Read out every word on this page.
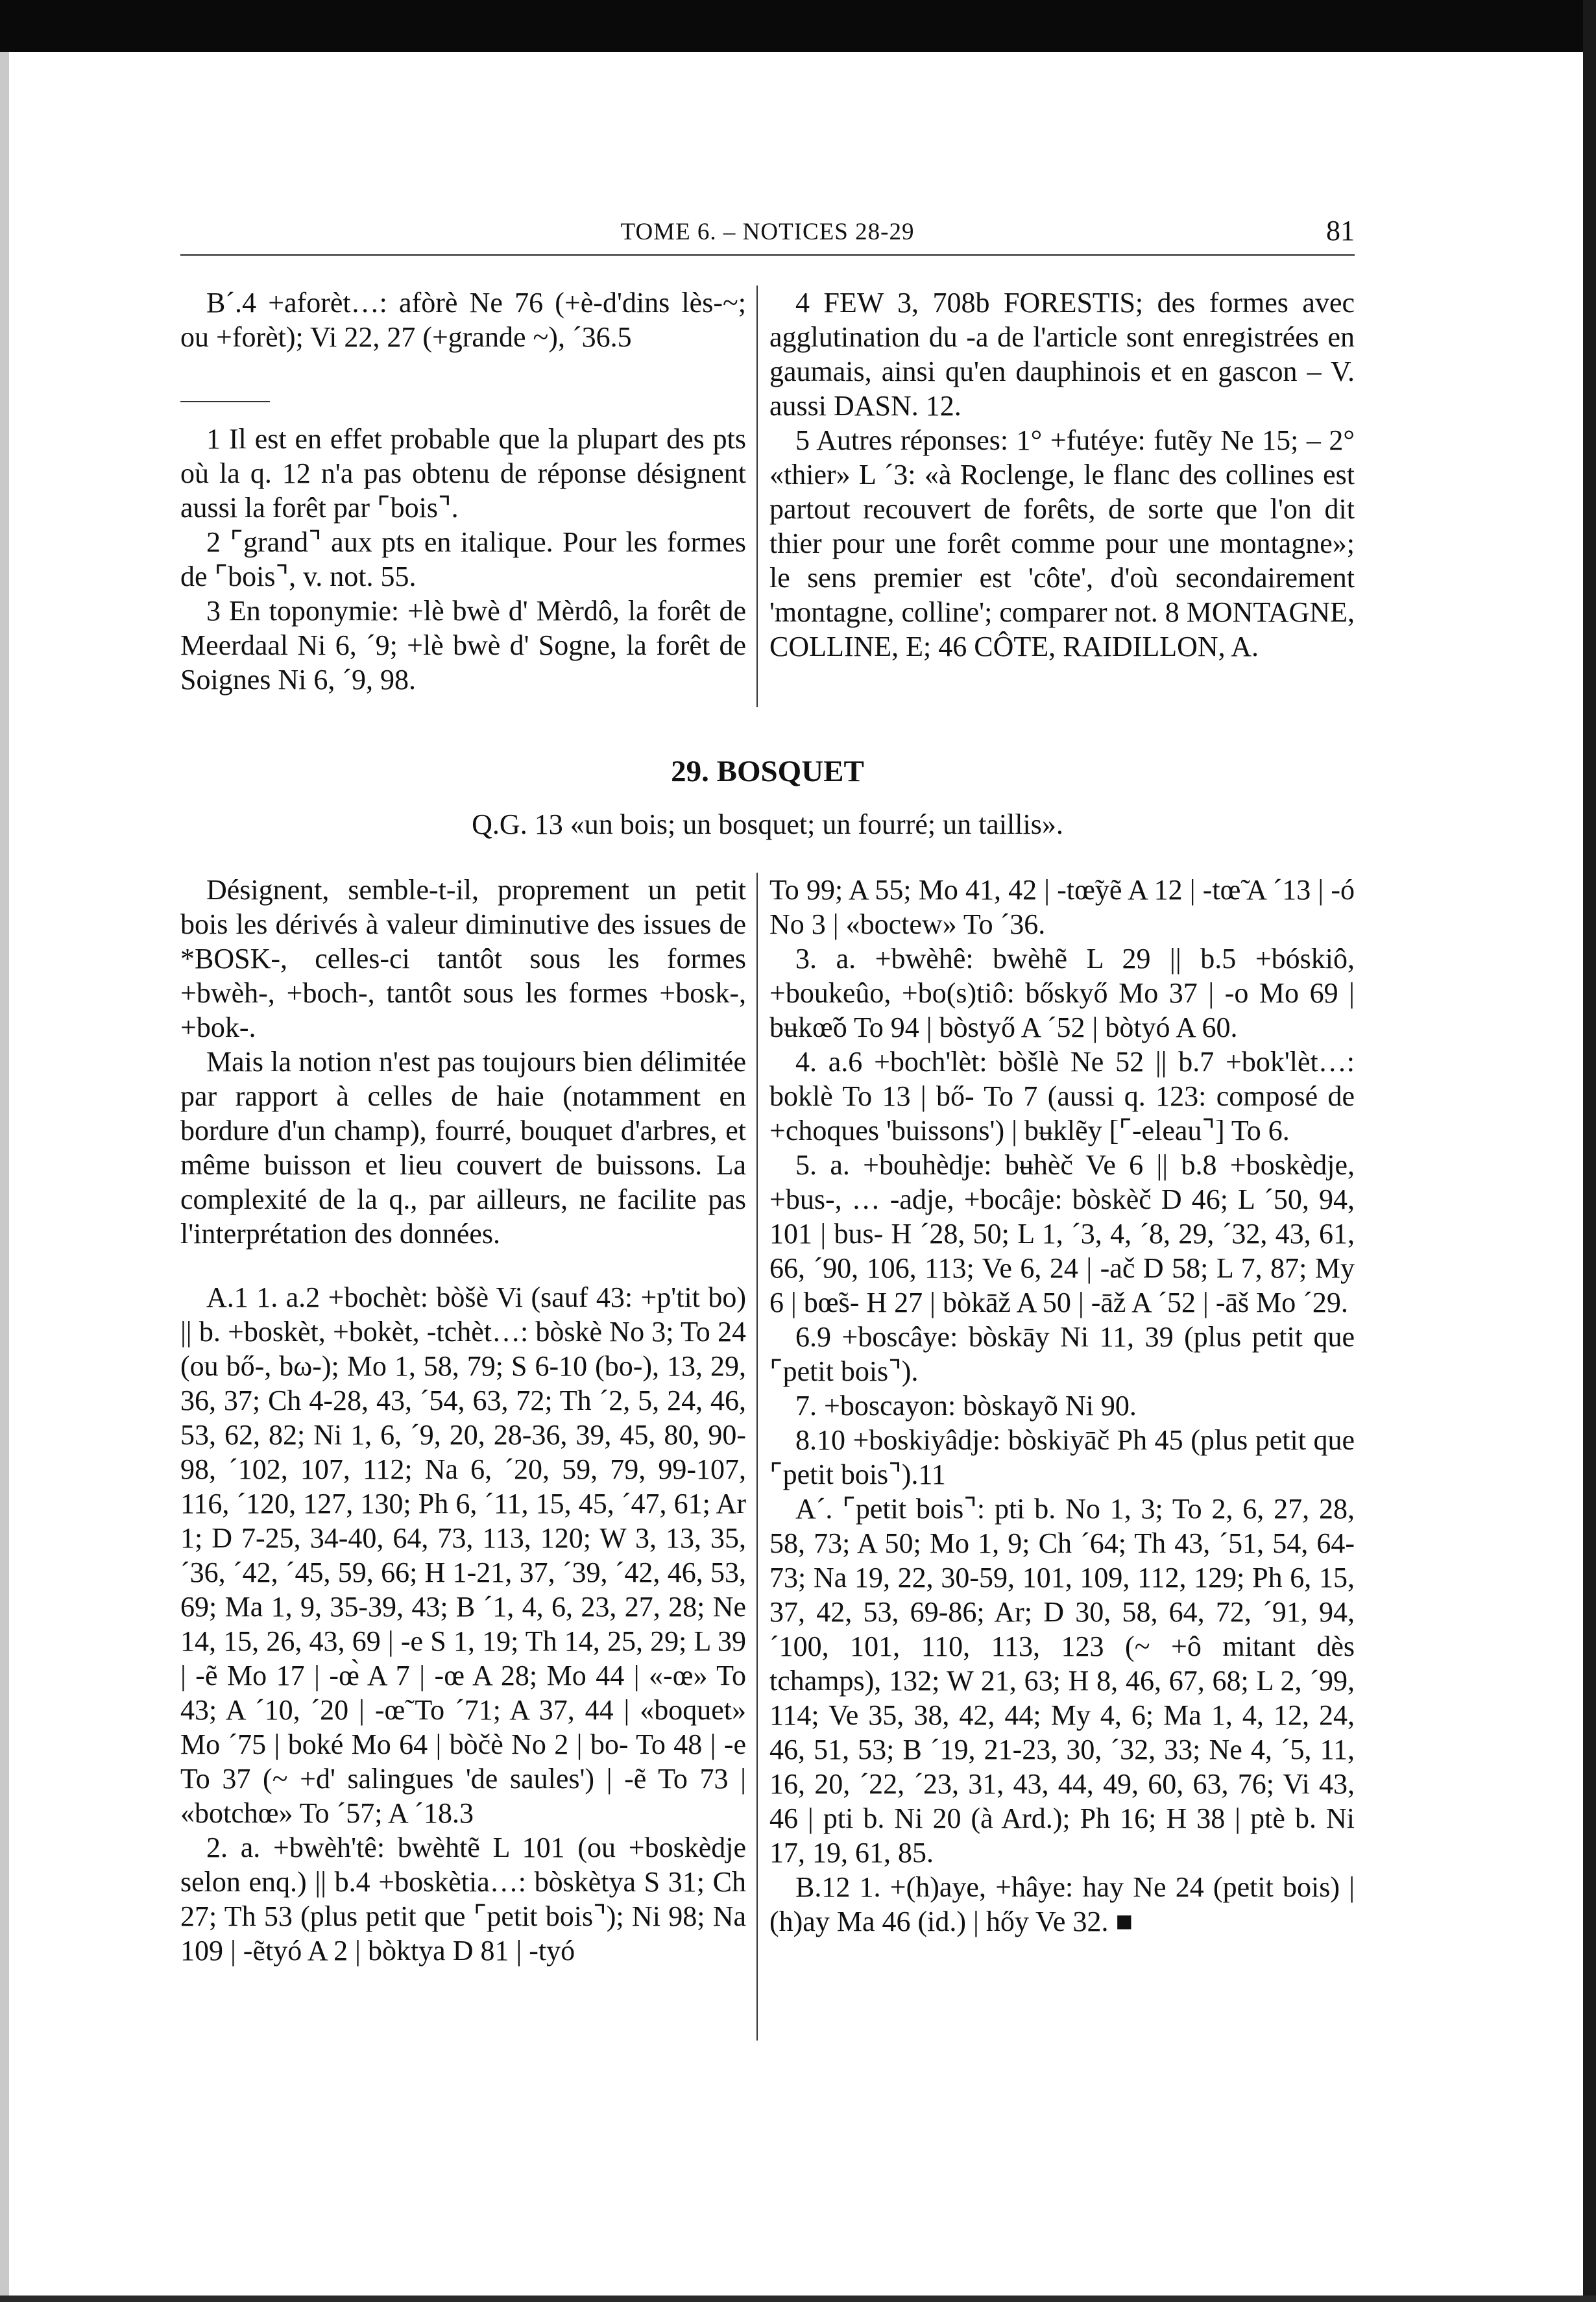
TOME 6. – NOTICES 28-29	81

B´.4 +aforèt…: afòrè Ne 76 (+è-d'dins lès-~; ou +forèt); Vi 22, 27 (+grande ~), ´36.5

1 Il est en effet probable que la plupart des pts où la q. 12 n'a pas obtenu de réponse désignent aussi la forêt par ⌜bois⌝.

2 ⌜grand⌝ aux pts en italique. Pour les formes de ⌜bois⌝, v. not. 55.

3 En toponymie: +lè bwè d' Mèrdô, la forêt de Meerdaal Ni 6, ´9; +lè bwè d' Sogne, la forêt de Soignes Ni 6, ´9, 98.

4 FEW 3, 708b FORESTIS; des formes avec agglutination du -a de l'article sont enregistrées en gaumais, ainsi qu'en dauphinois et en gascon – V. aussi DASN. 12.

5 Autres réponses: 1° +futéye: futẽy Ne 15; – 2° «thier» L ´3: «à Roclenge, le flanc des collines est partout recouvert de forêts, de sorte que l'on dit thier pour une forêt comme pour une montagne»; le sens premier est 'côte', d'où secondairement 'montagne, colline'; comparer not. 8 MONTAGNE, COLLINE, E; 46 CÔTE, RAIDILLON, A.

29. BOSQUET
Q.G. 13 «un bois; un bosquet; un fourré; un taillis».

Désignent, semble-t-il, proprement un petit bois les dérivés à valeur diminutive des issues de *BOSK-, celles-ci tantôt sous les formes +bwèh-, +boch-, tantôt sous les formes +bosk-, +bok-.

Mais la notion n'est pas toujours bien délimitée par rapport à celles de haie (notamment en bordure d'un champ), fourré, bouquet d'arbres, et même buisson et lieu couvert de buissons. La complexité de la q., par ailleurs, ne facilite pas l'interprétation des données.

A.1 1. a.2 +bochèt: bòšè Vi (sauf 43: +p'tit bo) || b. +boskèt, +bokèt, -tchèt…: bòskè No 3; To 24 (ou bő-, bω-); Mo 1, 58, 79; S 6-10 (bo-), 13, 29, 36, 37; Ch 4-28, 43, ´54, 63, 72; Th ´2, 5, 24, 46, 53, 62, 82; Ni 1, 6, ´9, 20, 28-36, 39, 45, 80, 90-98, ´102, 107, 112; Na 6, ´20, 59, 79, 99-107, 116, ´120, 127, 130; Ph 6, ´11, 15, 45, ´47, 61; Ar 1; D 7-25, 34-40, 64, 73, 113, 120; W 3, 13, 35, ´36, ´42, ´45, 59, 66; H 1-21, 37, ´39, ´42, 46, 53, 69; Ma 1, 9, 35-39, 43; B ´1, 4, 6, 23, 27, 28; Ne 14, 15, 26, 43, 69 | -e S 1, 19; Th 14, 25, 29; L 39 | -ẽ Mo 17 | -œ̀ A 7 | -œ A 28; Mo 44 | «-œ» To 43; A ´10, ´20 | -œ̃ To ´71; A 37, 44 | «boquet» Mo ´75 | boké Mo 64 | bòčè No 2 | bo- To 48 | -e To 37 (~ +d' salingues 'de saules') | -ẽ To 73 | «botchœ» To ´57; A ´18.3

2. a. +bwèh'tê: bwèhtẽ L 101 (ou +boskèdje selon enq.) || b.4 +boskètia…: bòskètya S 31; Ch 27; Th 53 (plus petit que ⌜petit bois⌝); Ni 98; Na 109 | -ẽtyó A 2 | bòktya D 81 | -tyó

To 99; A 55; Mo 41, 42 | -tœ̃yẽ A 12 | -tœ̃ A ´13 | -ó No 3 | «boctew» To ´36.

3. a. +bwèhê: bwèhẽ L 29 || b.5 +bóskiô, +boukeûo, +bo(s)tiô: bőskyő Mo 37 | -o Mo 69 | bʉkœ̃ó To 94 | bòstyő A ´52 | bòtyó A 60.

4. a.6 +boch'lèt: bòšlè Ne 52 || b.7 +bok'lèt…: boklè To 13 | bő- To 7 (aussi q. 123: composé de +choques 'buissons') | bʉklẽy [⌜-eleau⌝] To 6.

5. a. +bouhèdje: bʉhèč Ve 6 || b.8 +boskèdje, +bus-, … -adje, +bocâje: bòskèč D 46; L ´50, 94, 101 | bus- H ´28, 50; L 1, ´3, 4, ´8, 29, ´32, 43, 61, 66, ´90, 106, 113; Ve 6, 24 | -ač D 58; L 7, 87; My 6 | bœ̃s- H 27 | bòkāž A 50 | -āž A ´52 | -āš Mo ´29.

6.9 +boscâye: bòskāy Ni 11, 39 (plus petit que ⌜petit bois⌝).

7. +boscayon: bòskayõ Ni 90.

8.10 +boskiyâdje: bòskiyāč Ph 45 (plus petit que ⌜petit bois⌝).11

A´. ⌜petit bois⌝: pti b. No 1, 3; To 2, 6, 27, 28, 58, 73; A 50; Mo 1, 9; Ch ´64; Th 43, ´51, 54, 64-73; Na 19, 22, 30-59, 101, 109, 112, 129; Ph 6, 15, 37, 42, 53, 69-86; Ar; D 30, 58, 64, 72, ´91, 94, ´100, 101, 110, 113, 123 (~ +ô mitant dès tchamps), 132; W 21, 63; H 8, 46, 67, 68; L 2, ´99, 114; Ve 35, 38, 42, 44; My 4, 6; Ma 1, 4, 12, 24, 46, 51, 53; B ´19, 21-23, 30, ´32, 33; Ne 4, ´5, 11, 16, 20, ´22, ´23, 31, 43, 44, 49, 60, 63, 76; Vi 43, 46 | pti b. Ni 20 (à Ard.); Ph 16; H 38 | ptè b. Ni 17, 19, 61, 85.

B.12 1. +(h)aye, +hâye: hay Ne 24 (petit bois) | (h)ay Ma 46 (id.) | hőy Ve 32. ■
